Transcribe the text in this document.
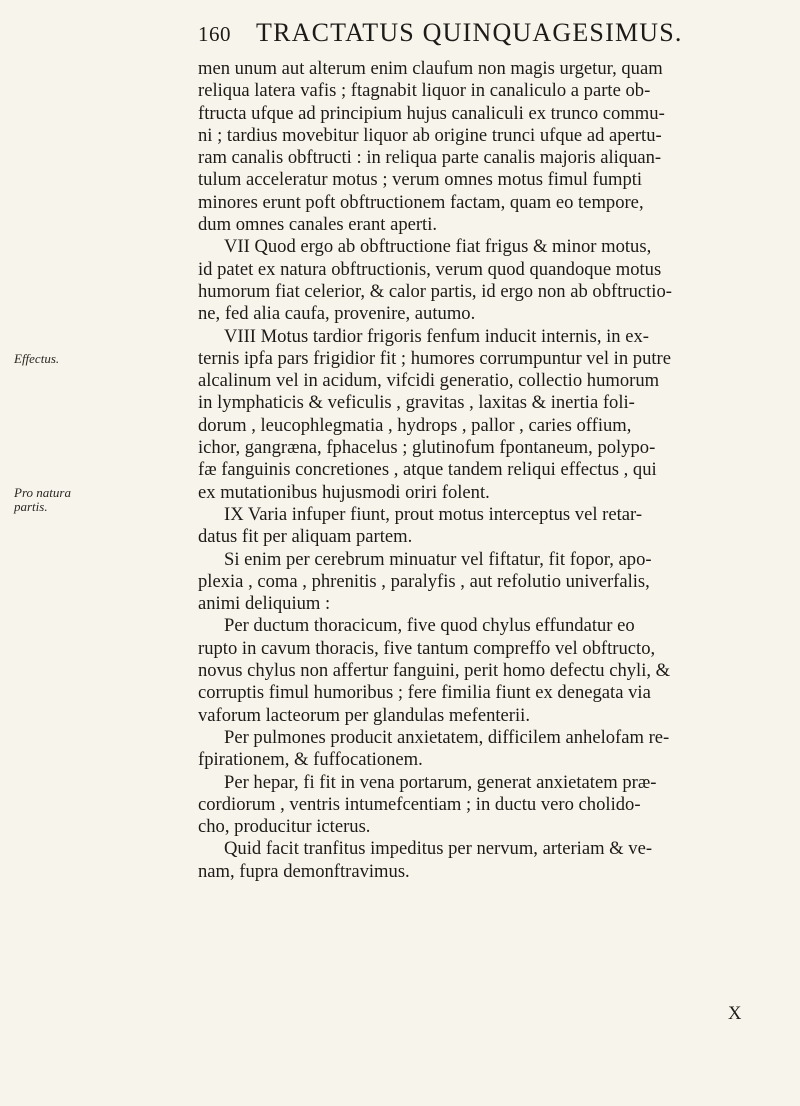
160 TRACTATUS QUINQUAGESIMUS.
men unum aut alterum enim claufum non magis urgetur, quam
reliqua latera vafis ; ftagnabit liquor in canaliculo a parte ob-
ftructa ufque ad principium hujus canaliculi ex trunco commu-
ni ; tardius movebitur liquor ab origine trunci ufque ad apertu-
ram canalis obftructi : in reliqua parte canalis majoris aliquan-
tulum acceleratur motus ; verum omnes motus fimul fumpti
minores erunt poft obftructionem factam, quam eo tempore,
dum omnes canales erant aperti.
VII Quod ergo ab obftructione fiat frigus & minor motus,
id patet ex natura obftructionis, verum quod quandoque motus
humorum fiat celerior, & calor partis, id ergo non ab obftructio-
ne, fed alia caufa, provenire, autumo.
VIII Motus tardior frigoris fenfum inducit internis, in ex-
ternis ipfa pars frigidior fit ; humores corrumpuntur vel in putre
alcalinum vel in acidum, vifcidi generatio, collectio humorum
in lymphaticis & veficulis , gravitas , laxitas & inertia foli-
dorum , leucophlegmatia , hydrops , pallor , caries offium,
ichor, gangræna, fphacelus ; glutinofum fpontaneum, polypo-
fæ fanguinis concretiones , atque tandem reliqui effectus , qui
ex mutationibus hujusmodi oriri folent.
IX Varia infuper fiunt, prout motus interceptus vel retar-
datus fit per aliquam partem.
Si enim per cerebrum minuatur vel fiftatur, fit fopor, apo-
plexia , coma , phrenitis , paralyfis , aut refolutio univerfalis,
animi deliquium :
Per ductum thoracicum, five quod chylus effundatur eo
rupto in cavum thoracis, five tantum compreffo vel obftructo,
novus chylus non affertur fanguini, perit homo defectu chyli, &
corruptis fimul humoribus ; fere fimilia fiunt ex denegata via
vaforum lacteorum per glandulas mefenterii.
Per pulmones producit anxietatem, difficilem anhelofam re-
fpirationem, & fuffocationem.
Per hepar, fi fit in vena portarum, generat anxietatem præ-
cordiorum , ventris intumefcentiam ; in ductu vero cholido-
cho, producitur icterus.
Quid facit tranfitus impeditus per nervum, arteriam & ve-
nam, fupra demonftravimus.
Effectus.
Pro natura partis.
X
